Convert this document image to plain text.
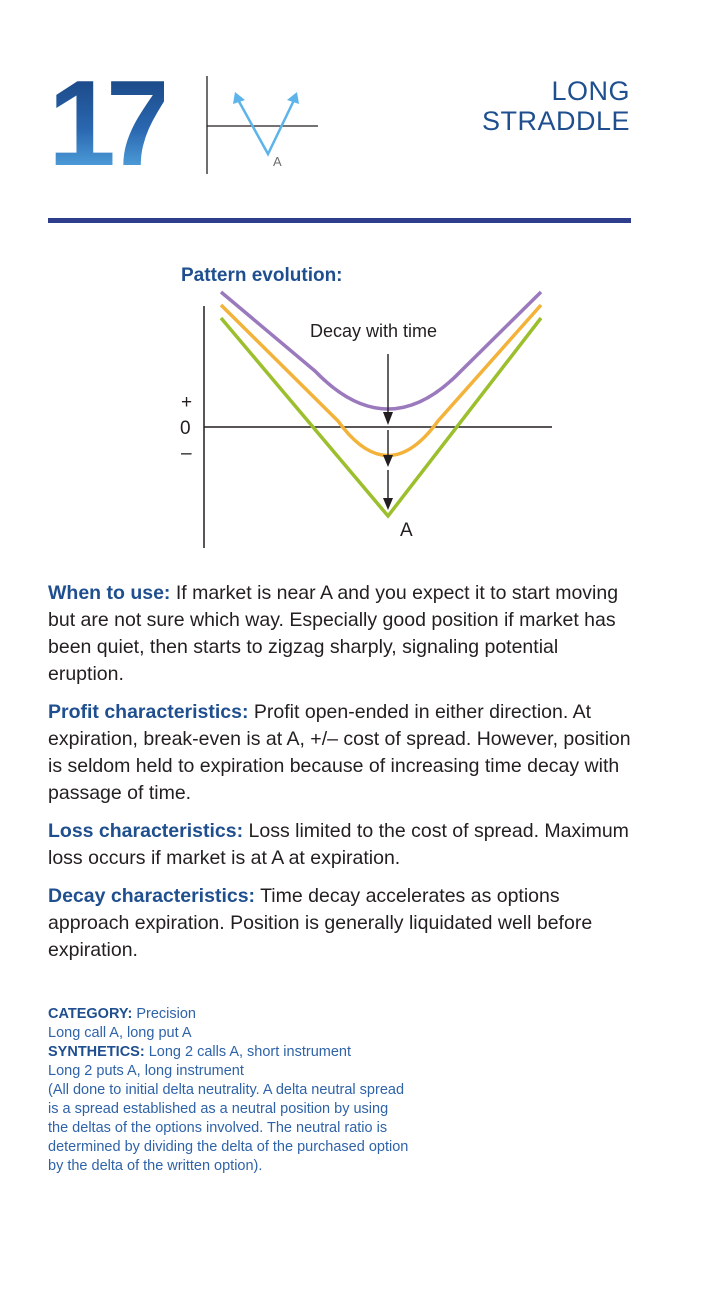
17	A
LONG
STRADDLE
Pattern evolution:
+
0
–
Decay with time
A

When to use: If market is near A and you expect it to start moving but are not sure which way. Especially good position if market has been quiet, then starts to zigzag sharply, signaling potential eruption.

Profit characteristics: Profit open-ended in either direction. At expiration, break-even is at A, +/– cost of spread. However, position is seldom held to expiration because of increasing time decay with passage of time.

Loss characteristics: Loss limited to the cost of spread. Maximum loss occurs if market is at A at expiration.

Decay characteristics: Time decay accelerates as options approach expiration. Position is generally liquidated well before expiration.

CATEGORY: Precision
Long call A, long put A
SYNTHETICS: Long 2 calls A, short instrument
Long 2 puts A, long instrument
(All done to initial delta neutrality. A delta neutral spread
is a spread established as a neutral position by using
the deltas of the options involved. The neutral ratio is
determined by dividing the delta of the purchased option
by the delta of the written option).
